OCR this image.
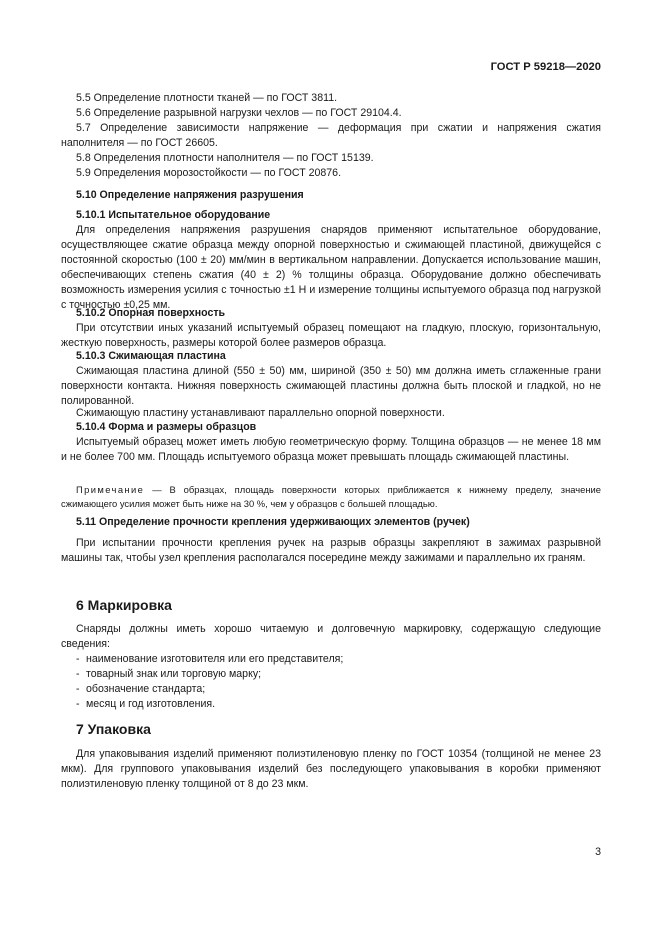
ГОСТ Р 59218—2020
5.5 Определение плотности тканей — по ГОСТ 3811.
5.6 Определение разрывной нагрузки чехлов — по ГОСТ 29104.4.
5.7 Определение зависимости напряжение — деформация при сжатии и напряжения сжатия наполнителя — по ГОСТ 26605.
5.8 Определения плотности наполнителя — по ГОСТ 15139.
5.9 Определения морозостойкости — по ГОСТ 20876.
5.10 Определение напряжения разрушения
5.10.1 Испытательное оборудование
Для определения напряжения разрушения снарядов применяют испытательное оборудование, осуществляющее сжатие образца между опорной поверхностью и сжимающей пластиной, движущейся с постоянной скоростью (100 ± 20) мм/мин в вертикальном направлении. Допускается использование машин, обеспечивающих степень сжатия (40 ± 2) % толщины образца. Оборудование должно обеспечивать возможность измерения усилия с точностью ±1 Н и измерение толщины испытуемого образца под нагрузкой с точностью ±0,25 мм.
5.10.2 Опорная поверхность
При отсутствии иных указаний испытуемый образец помещают на гладкую, плоскую, горизонтальную, жесткую поверхность, размеры которой более размеров образца.
5.10.3 Сжимающая пластина
Сжимающая пластина длиной (550 ± 50) мм, шириной (350 ± 50) мм должна иметь сглаженные грани поверхности контакта. Нижняя поверхность сжимающей пластины должна быть плоской и гладкой, но не полированной.
Сжимающую пластину устанавливают параллельно опорной поверхности.
5.10.4 Форма и размеры образцов
Испытуемый образец может иметь любую геометрическую форму. Толщина образцов — не менее 18 мм и не более 700 мм. Площадь испытуемого образца может превышать площадь сжимающей пластины.
Примечание — В образцах, площадь поверхности которых приближается к нижнему пределу, значение сжимающего усилия может быть ниже на 30 %, чем у образцов с большей площадью.
5.11 Определение прочности крепления удерживающих элементов (ручек)
При испытании прочности крепления ручек на разрыв образцы закрепляют в зажимах разрывной машины так, чтобы узел крепления располагался посередине между зажимами и параллельно их граням.
6 Маркировка
Снаряды должны иметь хорошо читаемую и долговечную маркировку, содержащую следующие сведения:
- наименование изготовителя или его представителя;
- товарный знак или торговую марку;
- обозначение стандарта;
- месяц и год изготовления.
7 Упаковка
Для упаковывания изделий применяют полиэтиленовую пленку по ГОСТ 10354 (толщиной не менее 23 мкм). Для группового упаковывания изделий без последующего упаковывания в коробки применяют полиэтиленовую пленку толщиной от 8 до 23 мкм.
3
